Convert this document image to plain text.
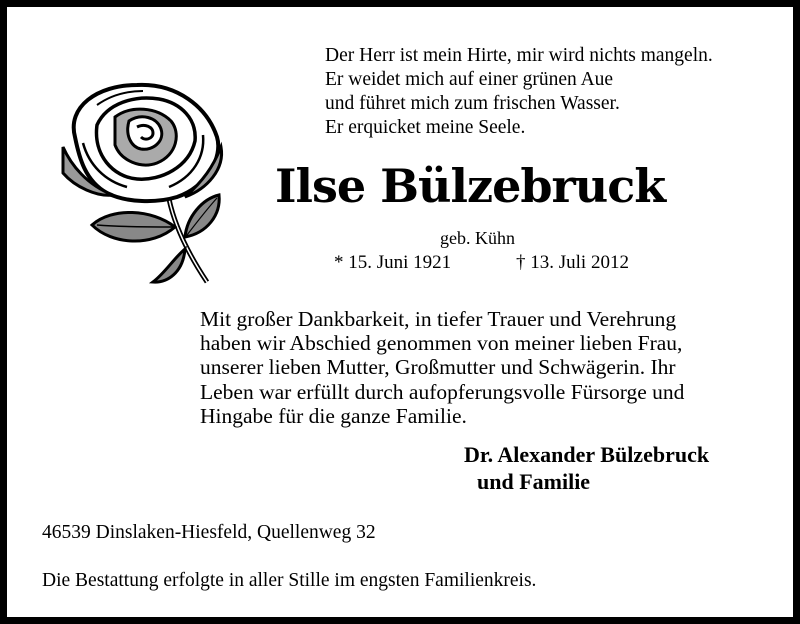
Der Herr ist mein Hirte, mir wird nichts mangeln.
Er weidet mich auf einer grünen Aue
und führet mich zum frischen Wasser.
Er erquicket meine Seele.
Ilse Bülzebruck
geb. Kühn
* 15. Juni 1921	† 13. Juli 2012
Mit großer Dankbarkeit, in tiefer Trauer und Verehrung
haben wir Abschied genommen von meiner lieben Frau,
unserer lieben Mutter, Großmutter und Schwägerin. Ihr
Leben war erfüllt durch aufopferungsvolle Fürsorge und
Hingabe für die ganze Familie.
Dr. Alexander Bülzebruck
und Familie
46539 Dinslaken-Hiesfeld, Quellenweg 32
Die Bestattung erfolgte in aller Stille im engsten Familienkreis.
